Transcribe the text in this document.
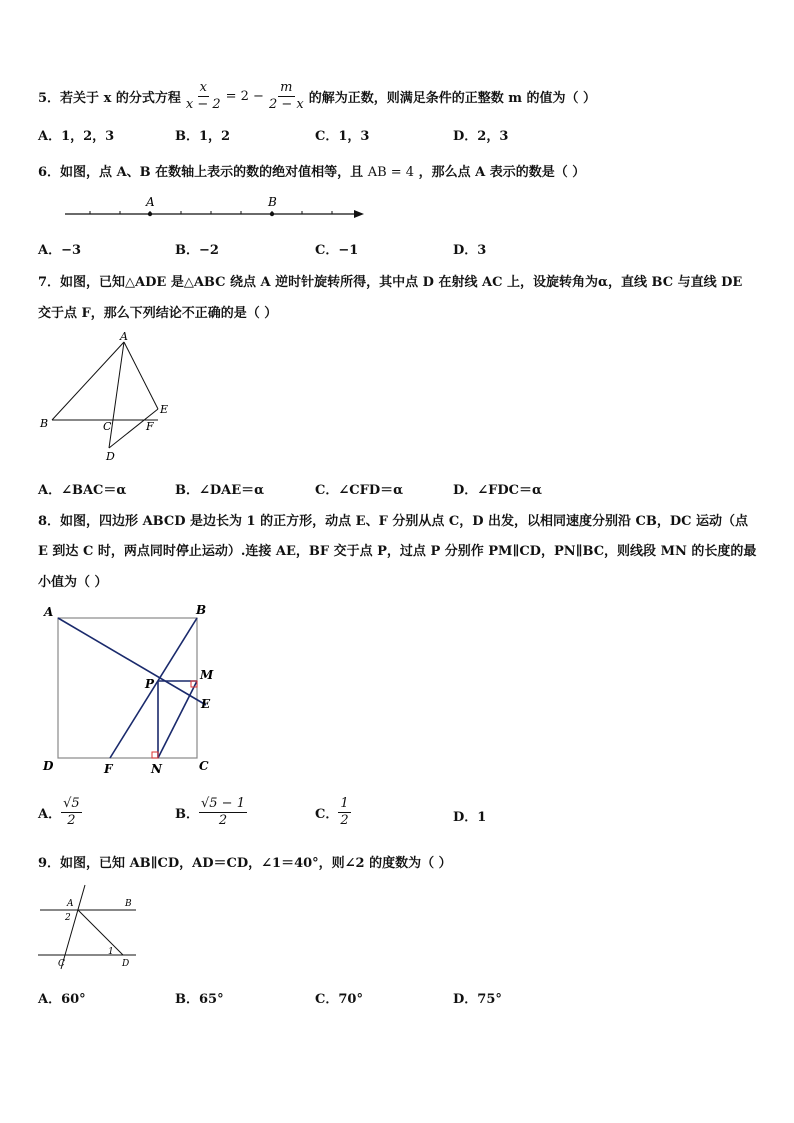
5．若关于 x 的分式方程 $\frac{x}{x - 2} = 2 - \frac{m}{2 - x}$ 的解为正数，则满足条件的正整数 m 的值为（ ）
A．1，2，3	B．1，2	C．1，3	D．2，3
6．如图，点 A、B 在数轴上表示的数的绝对值相等，且 AB = 4 ，那么点 A 表示的数是（ ）
A	B
A．−3	B．−2	C．−1	D．3
7．如图，已知△ADE 是△ABC 绕点 A 逆时针旋转所得，其中点 D 在射线 AC 上，设旋转角为α，直线 BC 与直线 DE
交于点 F，那么下列结论不正确的是（ ）
A
B	C
D
E
F
A．∠BAC＝α	B．∠DAE＝α	C．∠CFD＝α	D．∠FDC＝α
8．如图，四边形 ABCD 是边长为 1 的正方形，动点 E、F 分别从点 C，D 出发，以相同速度分别沿 CB，DC 运动（点
E 到达 C 时，两点同时停止运动）.连接 AE，BF 交于点 P，过点 P 分别作 PM∥CD，PN∥BC，则线段 MN 的长度的最
小值为（ ）
A	B
C
D
E
F
M
N
P
A． $\frac{√5}{2}$	B． $\frac{√5 - 1}{2}$	C． $\frac{1}{2}$	D．1
9．如图，已知 AB∥CD，AD＝CD，∠1＝40°，则∠2 的度数为（ ）
A	B
C	D
1
2
A．60°	B．65°	C．70°	D．75°
